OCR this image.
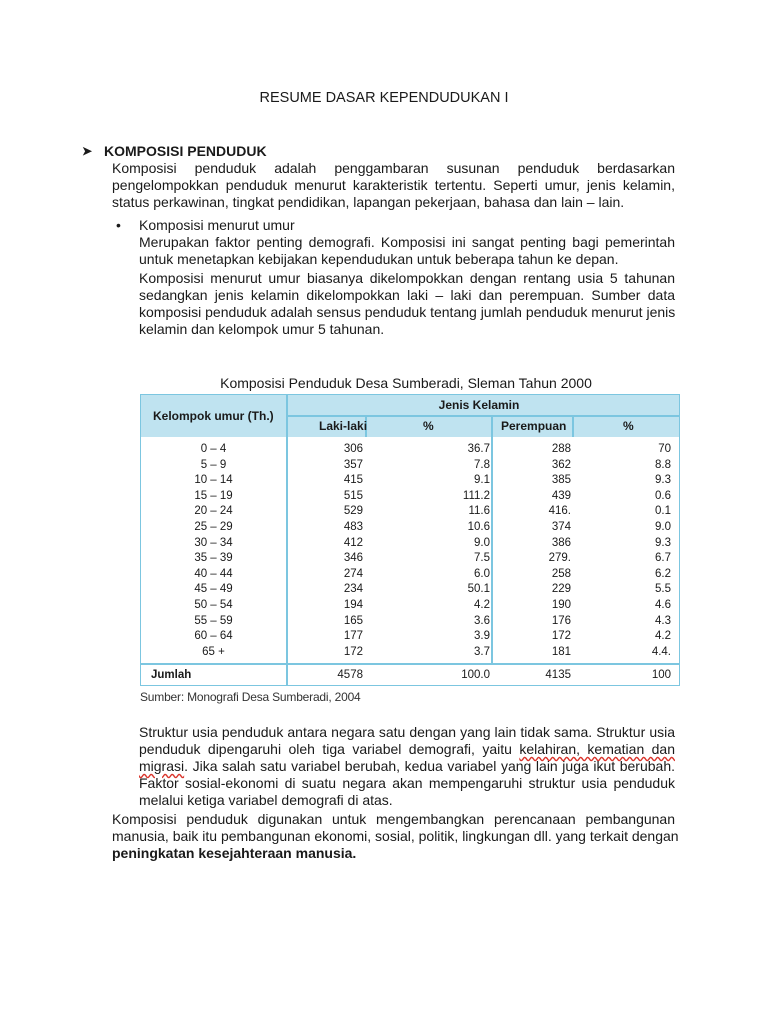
RESUME DASAR KEPENDUDUKAN I
➤ KOMPOSISI PENDUDUK
Komposisi penduduk adalah penggambaran susunan penduduk berdasarkan
pengelompokkan penduduk menurut karakteristik tertentu. Seperti umur, jenis kelamin,
status perkawinan, tingkat pendidikan, lapangan pekerjaan, bahasa dan lain – lain.
• Komposisi menurut umur
Merupakan faktor penting demografi. Komposisi ini sangat penting bagi pemerintah
untuk menetapkan kebijakan kependudukan untuk beberapa tahun ke depan.
Komposisi menurut umur biasanya dikelompokkan dengan rentang usia 5 tahunan
sedangkan jenis kelamin dikelompokkan laki – laki dan perempuan. Sumber data
komposisi penduduk adalah sensus penduduk tentang jumlah penduduk menurut jenis
kelamin dan kelompok umur 5 tahunan.
Komposisi Penduduk Desa Sumberadi, Sleman Tahun 2000
Kelompok umur (Th.)
Jenis Kelamin
Laki-laki	%	Perempuan	%
0 – 4	306	36.7	288	70
5 – 9	357	7.8	362	8.8
10 – 14	415	9.1	385	9.3
15 – 19	515	111.2	439	0.6
20 – 24	529	11.6	416.	0.1
25 – 29	483	10.6	374	9.0
30 – 34	412	9.0	386	9.3
35 – 39	346	7.5	279.	6.7
40 – 44	274	6.0	258	6.2
45 – 49	234	50.1	229	5.5
50 – 54	194	4.2	190	4.6
55 – 59	165	3.6	176	4.3
60 – 64	177	3.9	172	4.2
65 +	172	3.7	181	4.4.
Jumlah	4578	100.0	4135	100
Sumber: Monografi Desa Sumberadi, 2004
Struktur usia penduduk antara negara satu dengan yang lain tidak sama. Struktur usia
penduduk dipengaruhi oleh tiga variabel demografi, yaitu kelahiran, kematian dan
migrasi. Jika salah satu variabel berubah, kedua variabel yang lain juga ikut berubah.
Faktor sosial-ekonomi di suatu negara akan mempengaruhi struktur usia penduduk
melalui ketiga variabel demografi di atas.
Komposisi penduduk digunakan untuk mengembangkan perencanaan pembangunan
manusia, baik itu pembangunan ekonomi, sosial, politik, lingkungan dll. yang terkait dengan
peningkatan kesejahteraan manusia.
